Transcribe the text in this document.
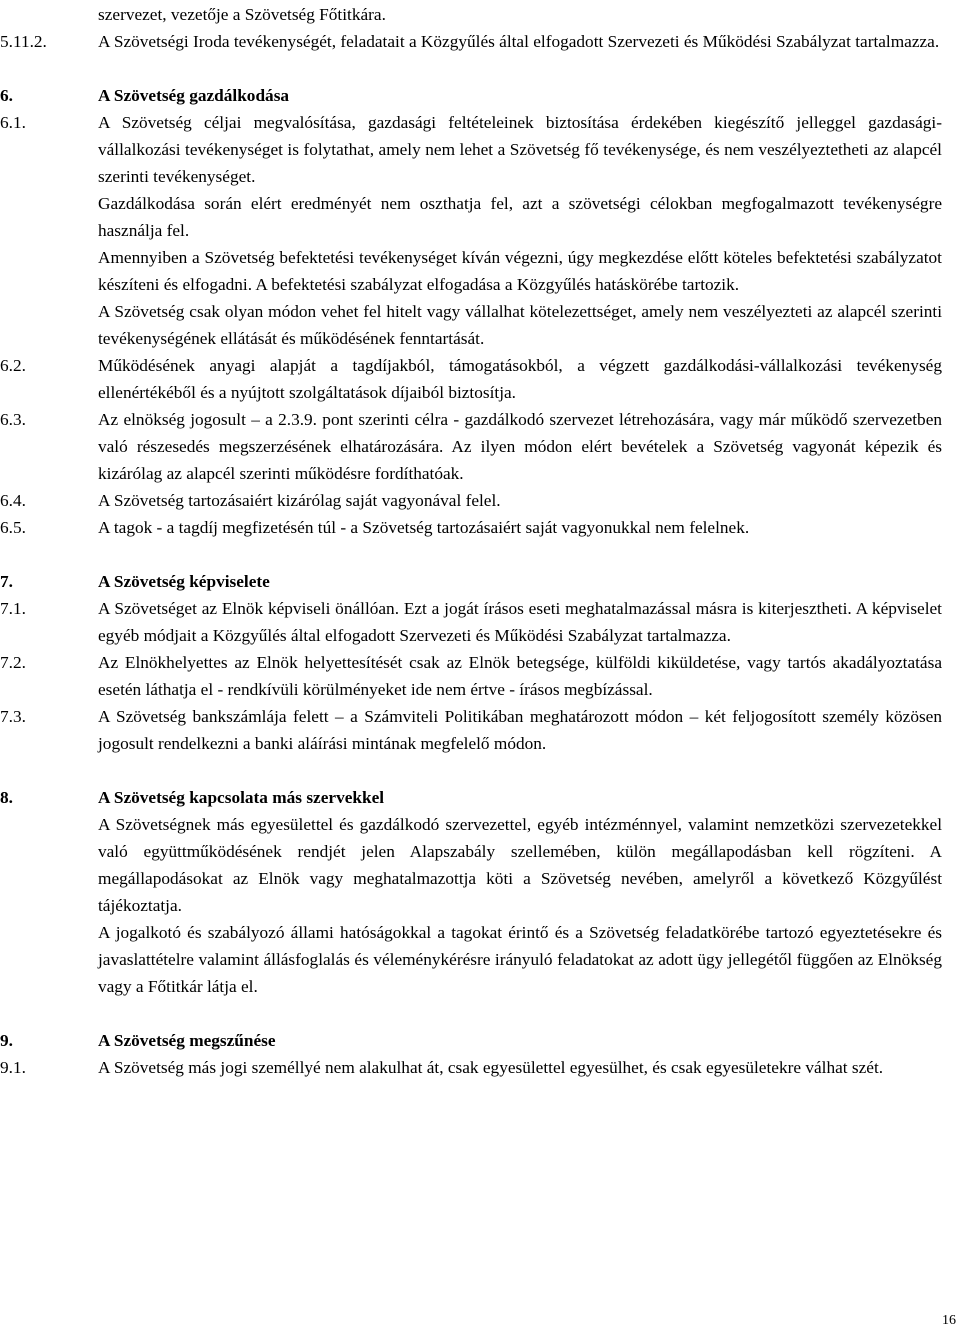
szervezet, vezetője a Szövetség Főtitkára.

5.11.2.	A Szövetségi Iroda tevékenységét, feladatait a Közgyűlés által elfogadott Szervezeti és Működési Szabályzat tartalmazza.

6.	A Szövetség gazdálkodása

6.1.	A Szövetség céljai megvalósítása, gazdasági feltételeinek biztosítása érdekében kiegészítő jelleggel gazdasági-vállalkozási tevékenységet is folytathat, amely nem lehet a Szövetség fő tevékenysége, és nem veszélyeztetheti az alapcél szerinti tevékenységet.

Gazdálkodása során elért eredményét nem oszthatja fel, azt a szövetségi célokban megfogalmazott tevékenységre használja fel.

Amennyiben a Szövetség befektetési tevékenységet kíván végezni, úgy megkezdése előtt köteles befektetési szabályzatot készíteni és elfogadni. A befektetési szabályzat elfogadása a Közgyűlés hatáskörébe tartozik.

A Szövetség csak olyan módon vehet fel hitelt vagy vállalhat kötelezettséget, amely nem veszélyezteti az alapcél szerinti tevékenységének ellátását és működésének fenntartását.

6.2.	Működésének anyagi alapját a tagdíjakból, támogatásokból, a végzett gazdálkodási-vállalkozási tevékenység ellenértékéből és a nyújtott szolgáltatások díjaiból biztosítja.

6.3.	Az elnökség jogosult – a 2.3.9. pont szerinti célra - gazdálkodó szervezet létrehozására, vagy már működő szervezetben való részesedés megszerzésének elhatározására. Az ilyen módon elért bevételek a Szövetség vagyonát képezik és kizárólag az alapcél szerinti működésre fordíthatóak.

6.4.	A Szövetség tartozásaiért kizárólag saját vagyonával felel.

6.5.	A tagok - a tagdíj megfizetésén túl - a Szövetség tartozásaiért saját vagyonukkal nem felelnek.

7.	A Szövetség képviselete

7.1.	A Szövetséget az Elnök képviseli önállóan. Ezt a jogát írásos eseti meghatalmazással másra is kiterjesztheti. A képviselet egyéb módjait a Közgyűlés által elfogadott Szervezeti és Működési Szabályzat tartalmazza.

7.2.	Az Elnökhelyettes az Elnök helyettesítését csak az Elnök betegsége, külföldi kiküldetése, vagy tartós akadályoztatása esetén láthatja el - rendkívüli körülményeket ide nem értve - írásos megbízással.

7.3.	A Szövetség bankszámlája felett – a Számviteli Politikában meghatározott módon – két feljogosított személy közösen jogosult rendelkezni a banki aláírási mintának megfelelő módon.

8.	A Szövetség kapcsolata más szervekkel

A Szövetségnek más egyesülettel és gazdálkodó szervezettel, egyéb intézménnyel, valamint nemzetközi szervezetekkel való együttműködésének rendjét jelen Alapszabály szellemében, külön megállapodásban kell rögzíteni. A megállapodásokat az Elnök vagy meghatalmazottja köti a Szövetség nevében, amelyről a következő Közgyűlést tájékoztatja.

A jogalkotó és szabályozó állami hatóságokkal a tagokat érintő és a Szövetség feladatkörébe tartozó egyeztetésekre és javaslattételre valamint állásfoglalás és véleménykérésre irányuló feladatokat az adott ügy jellegétől függően az Elnökség vagy a Főtitkár látja el.

9.	A Szövetség megszűnése

9.1.	A Szövetség más jogi személlyé nem alakulhat át, csak egyesülettel egyesülhet, és csak egyesületekre válhat szét.

16
